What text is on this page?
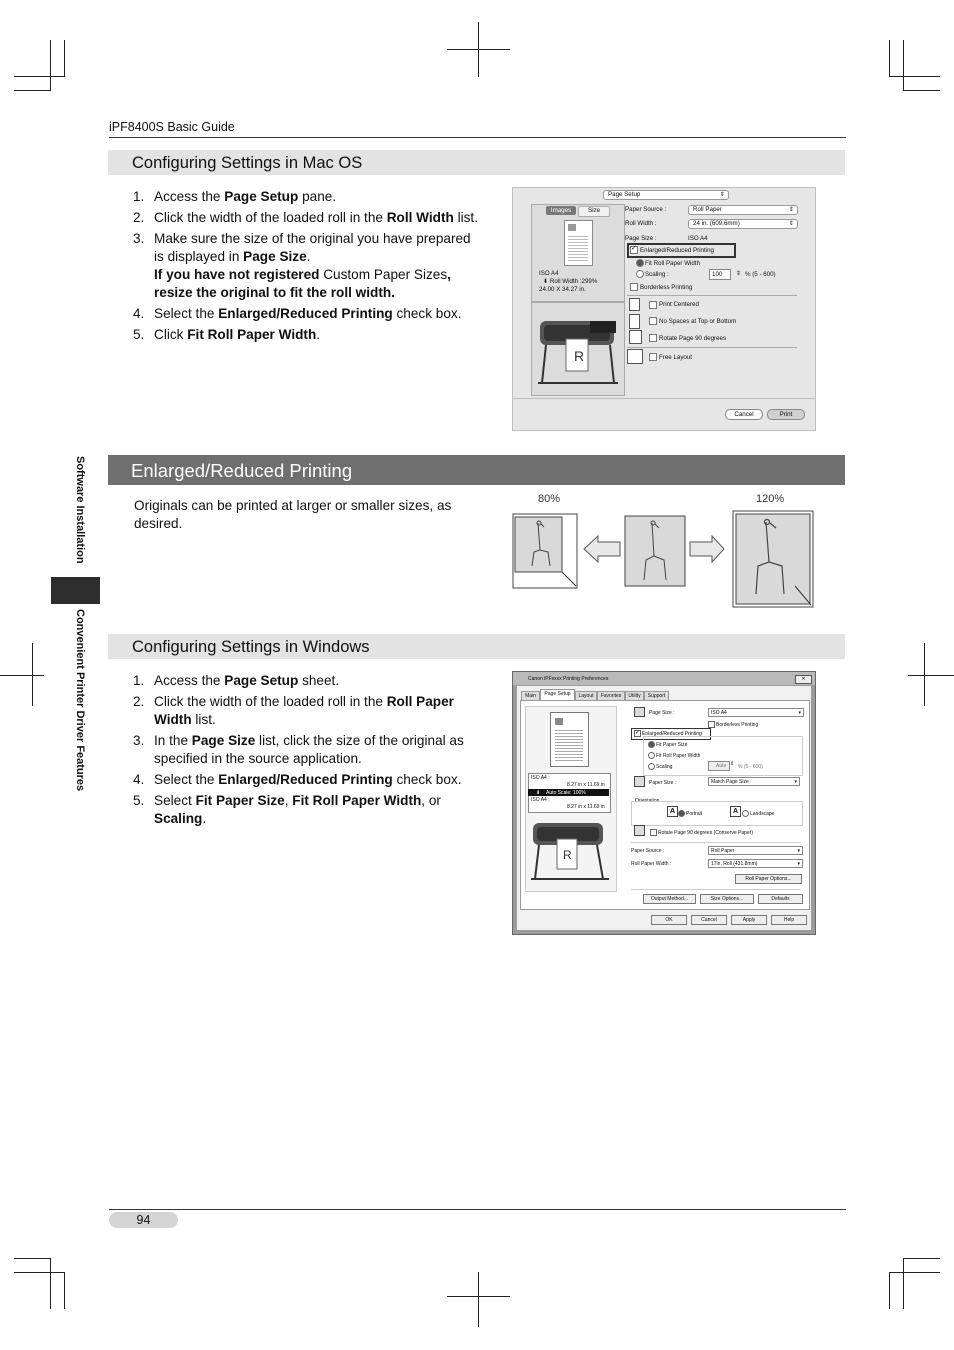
iPF8400S Basic Guide
Configuring Settings in Mac OS
1. Access the Page Setup pane.
2. Click the width of the loaded roll in the Roll Width list.
3. Make sure the size of the original you have prepared is displayed in Page Size.
If you have not registered Custom Paper Sizes, resize the original to fit the roll width.
4. Select the Enlarged/Reduced Printing check box.
5. Click Fit Roll Paper Width.
Page Setup	⇕
Images	Size
ISO A4
⬇ Roll Width :299%
24.00 X 34.27 in.
R
Paper Source :	Roll Paper	⇕
Roll Width :	24 in. (609.6mm)	⇕
Page Size :	ISO A4
✓ Enlarged/Reduced Printing
Fit Roll Paper Width
Scaling :	100 ⇕ % (5 - 600)
Borderless Printing
Print Centered
No Spaces at Top or Bottom
Rotate Page 90 degrees
Free Layout
Cancel	Print
Enlarged/Reduced Printing
Originals can be printed at larger or smaller sizes, as desired.
80%	120%
Configuring Settings in Windows
1. Access the Page Setup sheet.
2. Click the width of the loaded roll in the Roll Paper Width list.
3. In the Page Size list, click the size of the original as specified in the source application.
4. Select the Enlarged/Reduced Printing check box.
5. Select Fit Paper Size, Fit Roll Paper Width, or Scaling.
Canon iPFxxxx Printing Preferences	✕
Main	Page Setup	Layout	Favorites	Utility	Support
ISO A4 :
8.27 in x 11.69 in
⬇ Auto Scale: 100%
ISO A4 :
8.27 in x 11.69 in
R
Page Size :	ISO A4	▾
Borderless Printing
✓ Enlarged/Reduced Printing
Fit Paper Size
Fit Roll Paper Width
Scaling	Auto ⇕ % (5 - 600)
Paper Size :	Match Page Size	▾
Orientation
A	Portrait	A	Landscape
Rotate Page 90 degrees (Conserve Paper)
Paper Source :	Roll Paper	▾
Roll Paper Width :	17in. Roll (431.8mm)	▾
Roll Paper Options...
Output Method...	Size Options...	Defaults
OK	Cancel	Apply	Help
Software Installation
Convenient Printer Driver Features
94
